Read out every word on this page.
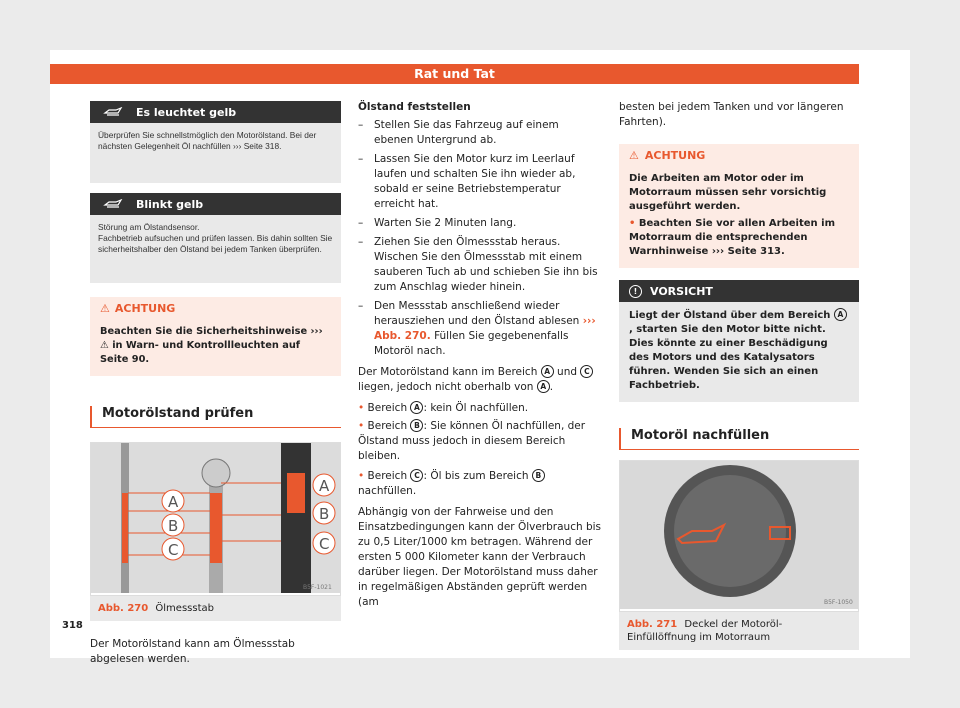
Rat und Tat
Es leuchtet gelb
Überprüfen Sie schnellstmöglich den Motorölstand. Bei der nächsten Gelegenheit Öl nachfüllen ››› Seite 318.
Blinkt gelb
Störung am Ölstandsensor.
Fachbetrieb aufsuchen und prüfen lassen. Bis dahin sollten Sie sicherheitshalber den Ölstand bei jedem Tanken überprüfen.
⚠ ACHTUNG
Beachten Sie die Sicherheitshinweise ››› ⚠ in Warn- und Kontrollleuchten auf Seite 90.
Motorölstand prüfen
A
B
C
A
B
C
B5F-1021
Abb. 270 Ölmessstab
Der Motorölstand kann am Ölmessstab abgelesen werden.
Ölstand feststellen
– Stellen Sie das Fahrzeug auf einem ebenen Untergrund ab.
– Lassen Sie den Motor kurz im Leerlauf laufen und schalten Sie ihn wieder ab, sobald er seine Betriebstemperatur erreicht hat.
– Warten Sie 2 Minuten lang.
– Ziehen Sie den Ölmessstab heraus. Wischen Sie den Ölmessstab mit einem sauberen Tuch ab und schieben Sie ihn bis zum Anschlag wieder hinein.
– Den Messstab anschließend wieder herausziehen und den Ölstand ablesen ››› Abb. 270. Füllen Sie gegebenenfalls Motoröl nach.
Der Motorölstand kann im Bereich A und C liegen, jedoch nicht oberhalb von A .
• Bereich A : kein Öl nachfüllen.
• Bereich B : Sie können Öl nachfüllen, der Ölstand muss jedoch in diesem Bereich bleiben.
• Bereich C : Öl bis zum Bereich B nachfüllen.
Abhängig von der Fahrweise und den Einsatzbedingungen kann der Ölverbrauch bis zu 0,5 Liter/1000 km betragen. Während der ersten 5 000 Kilometer kann der Verbrauch darüber liegen. Der Motorölstand muss daher in regelmäßigen Abständen geprüft werden (am
besten bei jedem Tanken und vor längeren Fahrten).
⚠ ACHTUNG
Die Arbeiten am Motor oder im Motorraum müssen sehr vorsichtig ausgeführt werden.
• Beachten Sie vor allen Arbeiten im Motorraum die entsprechenden Warnhinweise ››› Seite 313.
!	VORSICHT
Liegt der Ölstand über dem Bereich A, starten Sie den Motor bitte nicht. Dies könnte zu einer Beschädigung des Motors und des Katalysators führen. Wenden Sie sich an einen Fachbetrieb.
Motoröl nachfüllen
B5F-1050
Abb. 271 Deckel der Motoröl-Einfüllöffnung im Motorraum
318
